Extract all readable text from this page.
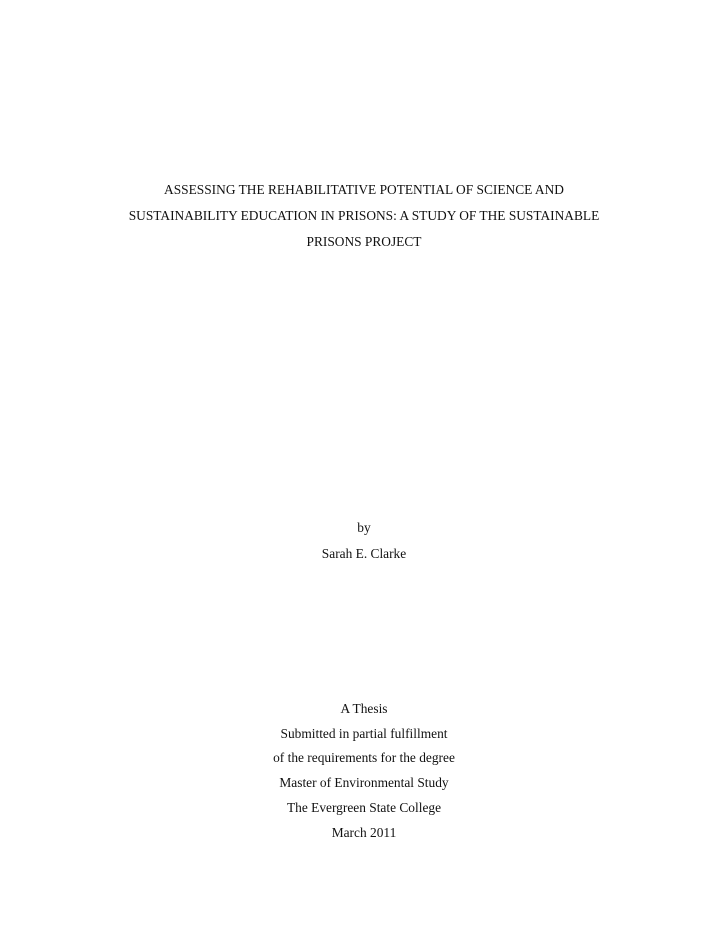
ASSESSING THE REHABILITATIVE POTENTIAL OF SCIENCE AND
SUSTAINABILITY EDUCATION IN PRISONS: A STUDY OF THE SUSTAINABLE
PRISONS PROJECT
by
Sarah E. Clarke
A Thesis
Submitted in partial fulfillment
of the requirements for the degree
Master of Environmental Study
The Evergreen State College
March 2011
